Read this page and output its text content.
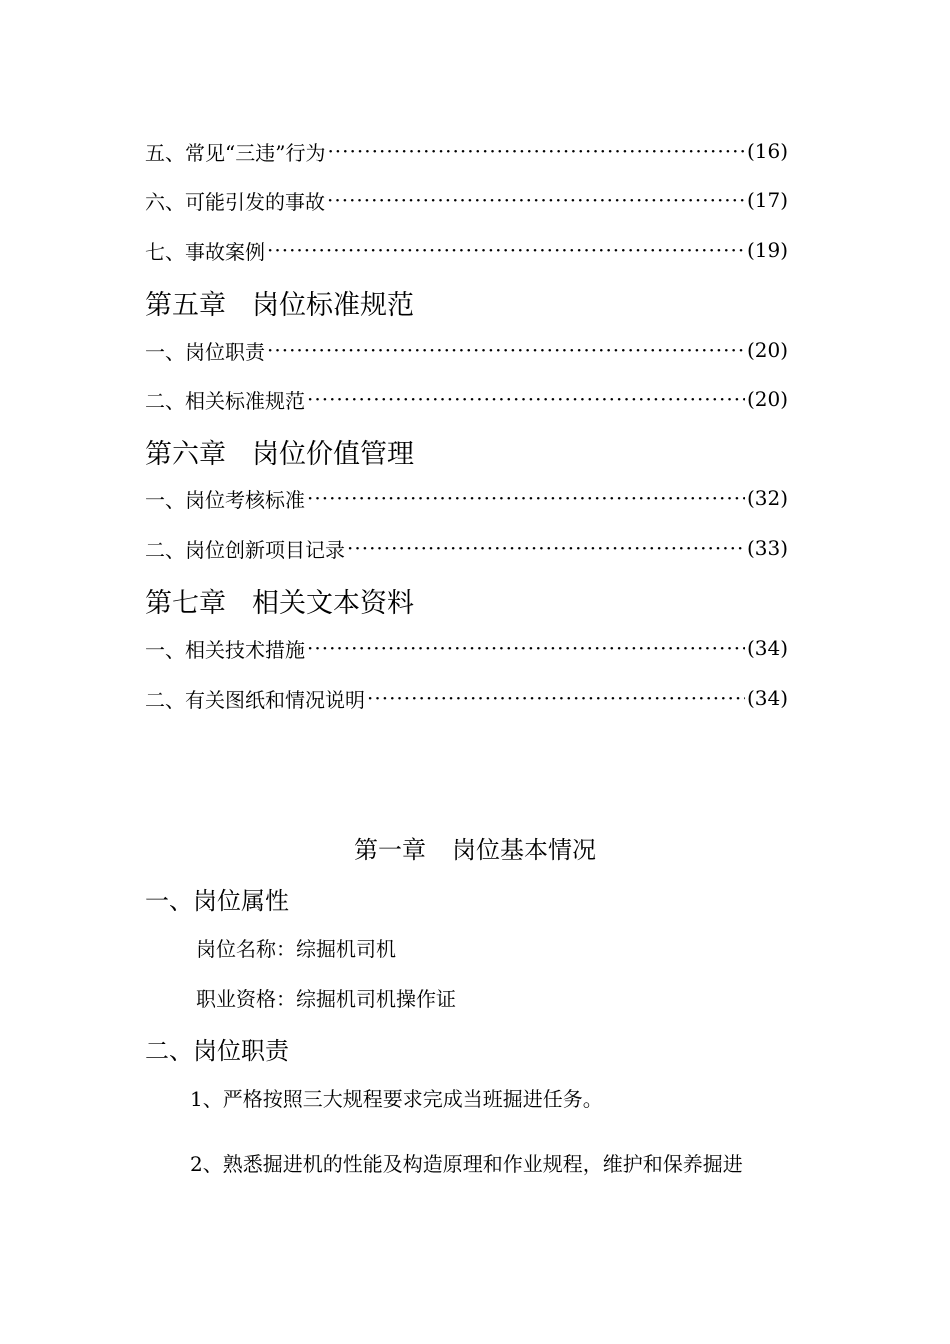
五、常见“三违”行为 ·····	(16)
六、可能引发的事故 ·····	(17)
七、事故案例 ·····	(19)
第五章 岗位标准规范
一、岗位职责 ·····	(20)
二、相关标准规范 ·····	(20)
第六章 岗位价值管理
一、岗位考核标准 ·····	(32)
二、岗位创新项目记录 ·····	(33)
第七章 相关文本资料
一、相关技术措施 ·····	(34)
二、有关图纸和情况说明 ·····	(34)
第一章 岗位基本情况
一、岗位属性
岗位名称：综掘机司机
职业资格：综掘机司机操作证
二、岗位职责
1、严格按照三大规程要求完成当班掘进任务。
2、熟悉掘进机的性能及构造原理和作业规程，维护和保养掘进
